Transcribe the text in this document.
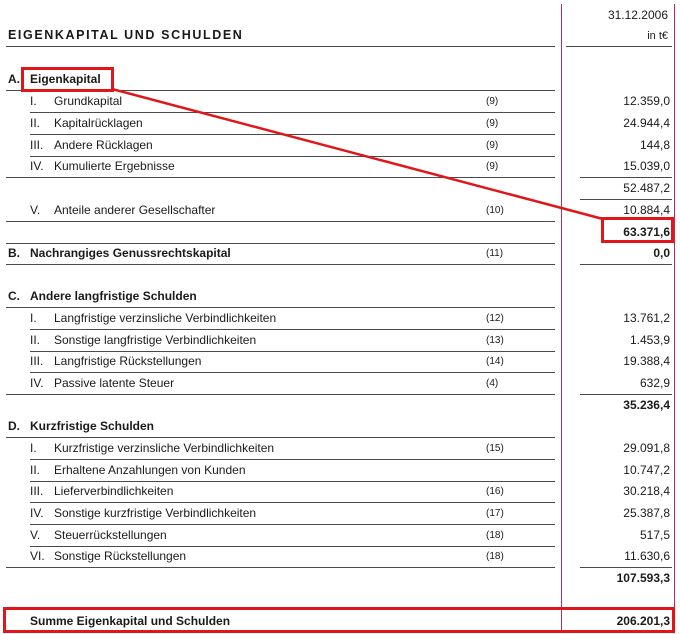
31.12.2006
in t€
EIGENKAPITAL UND SCHULDEN
A. Eigenkapital
I. Grundkapital	(9)	12.359,0
II. Kapitalrücklagen	(9)	24.944,4
III. Andere Rücklagen	(9)	144,8
IV. Kumulierte Ergebnisse	(9)	15.039,0
52.487,2
V. Anteile anderer Gesellschafter	(10)	10.884,4
63.371,6
B. Nachrangiges Genussrechtskapital	(11)	0,0
C. Andere langfristige Schulden
I. Langfristige verzinsliche Verbindlichkeiten	(12)	13.761,2
II. Sonstige langfristige Verbindlichkeiten	(13)	1.453,9
III. Langfristige Rückstellungen	(14)	19.388,4
IV. Passive latente Steuer	(4)	632,9
35.236,4
D. Kurzfristige Schulden
I. Kurzfristige verzinsliche Verbindlichkeiten	(15)	29.091,8
II. Erhaltene Anzahlungen von Kunden	10.747,2
III. Lieferverbindlichkeiten	(16)	30.218,4
IV. Sonstige kurzfristige Verbindlichkeiten	(17)	25.387,8
V. Steuerrückstellungen	(18)	517,5
VI. Sonstige Rückstellungen	(18)	11.630,6
107.593,3
Summe Eigenkapital und Schulden	206.201,3
